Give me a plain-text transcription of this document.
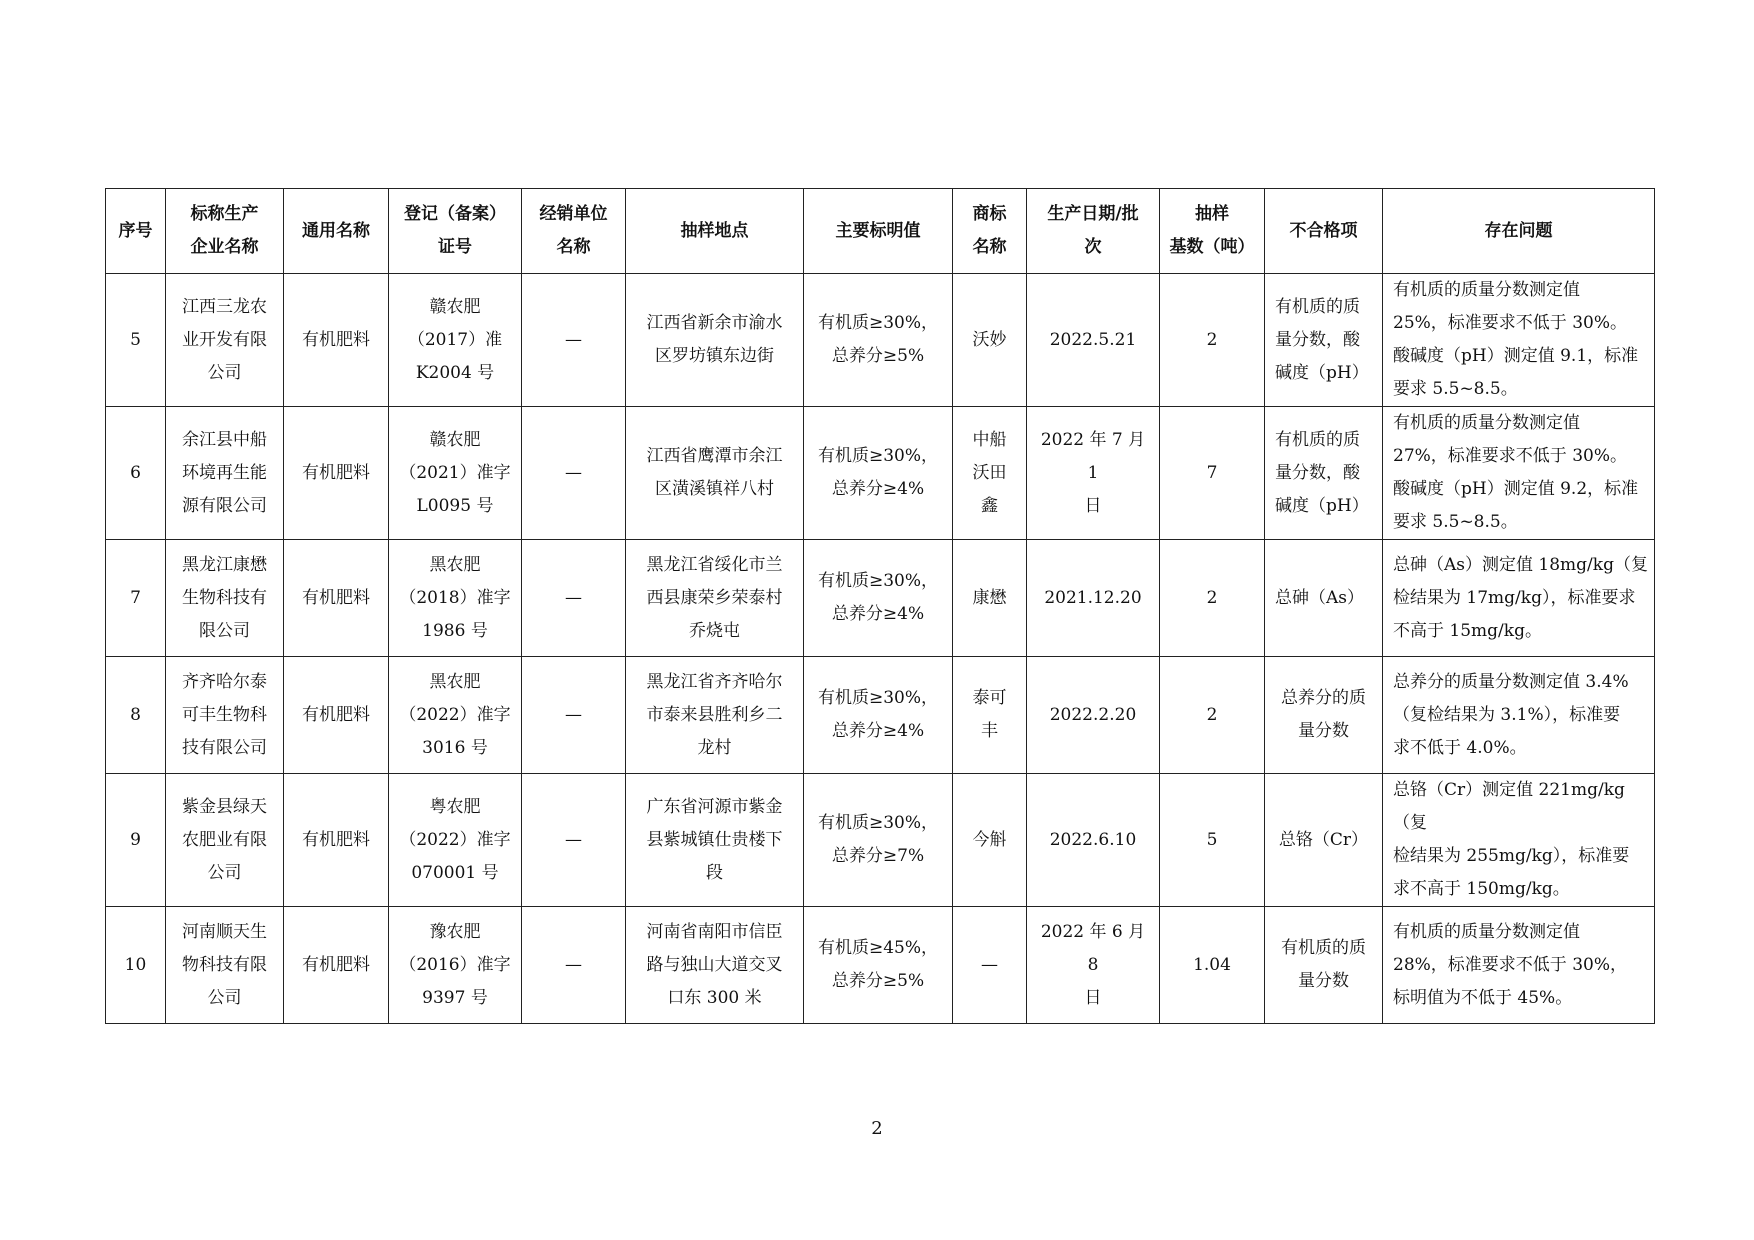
序号	标称生产
企业名称	通用名称	登记（备案）
证号	经销单位
名称	抽样地点	主要标明值	商标
名称	生产日期/批
次	抽样
基数（吨）	不合格项	存在问题
5	江西三龙农
业开发有限
公司	有机肥料	赣农肥
（2017）准
K2004 号	—	江西省新余市渝水
区罗坊镇东边街	有机质≥30%，
总养分≥5%	沃妙	2022.5.21	2	有机质的质
量分数，酸
碱度（pH）	有机质的质量分数测定值
25%，标准要求不低于 30%。
酸碱度（pH）测定值 9.1，标准
要求 5.5~8.5。
6	余江县中船
环境再生能
源有限公司	有机肥料	赣农肥
（2021）准字
L0095 号	—	江西省鹰潭市余江
区潢溪镇祥八村	有机质≥30%，
总养分≥4%	中船
沃田
鑫	2022 年 7 月 1
日	7	有机质的质
量分数，酸
碱度（pH）	有机质的质量分数测定值
27%，标准要求不低于 30%。
酸碱度（pH）测定值 9.2，标准
要求 5.5~8.5。
7	黑龙江康懋
生物科技有
限公司	有机肥料	黑农肥
（2018）准字
1986 号	—	黑龙江省绥化市兰
西县康荣乡荣泰村
乔烧屯	有机质≥30%，
总养分≥4%	康懋	2021.12.20	2	总砷（As）	总砷（As）测定值 18mg/kg（复
检结果为 17mg/kg），标准要求
不高于 15mg/kg。
8	齐齐哈尔泰
可丰生物科
技有限公司	有机肥料	黑农肥
（2022）准字
3016 号	—	黑龙江省齐齐哈尔
市泰来县胜利乡二
龙村	有机质≥30%，
总养分≥4%	泰可
丰	2022.2.20	2	总养分的质
量分数	总养分的质量分数测定值 3.4%
（复检结果为 3.1%），标准要
求不低于 4.0%。
9	紫金县绿天
农肥业有限
公司	有机肥料	粤农肥
（2022）准字
070001 号	—	广东省河源市紫金
县紫城镇仕贵楼下
段	有机质≥30%，
总养分≥7%	今斛	2022.6.10	5	总铬（Cr）	总铬（Cr）测定值 221mg/kg（复
检结果为 255mg/kg），标准要
求不高于 150mg/kg。
10	河南顺天生
物科技有限
公司	有机肥料	豫农肥
（2016）准字
9397 号	—	河南省南阳市信臣
路与独山大道交叉
口东 300 米	有机质≥45%，
总养分≥5%	—	2022 年 6 月 8
日	1.04	有机质的质
量分数	有机质的质量分数测定值
28%，标准要求不低于 30%，
标明值为不低于 45%。
2
